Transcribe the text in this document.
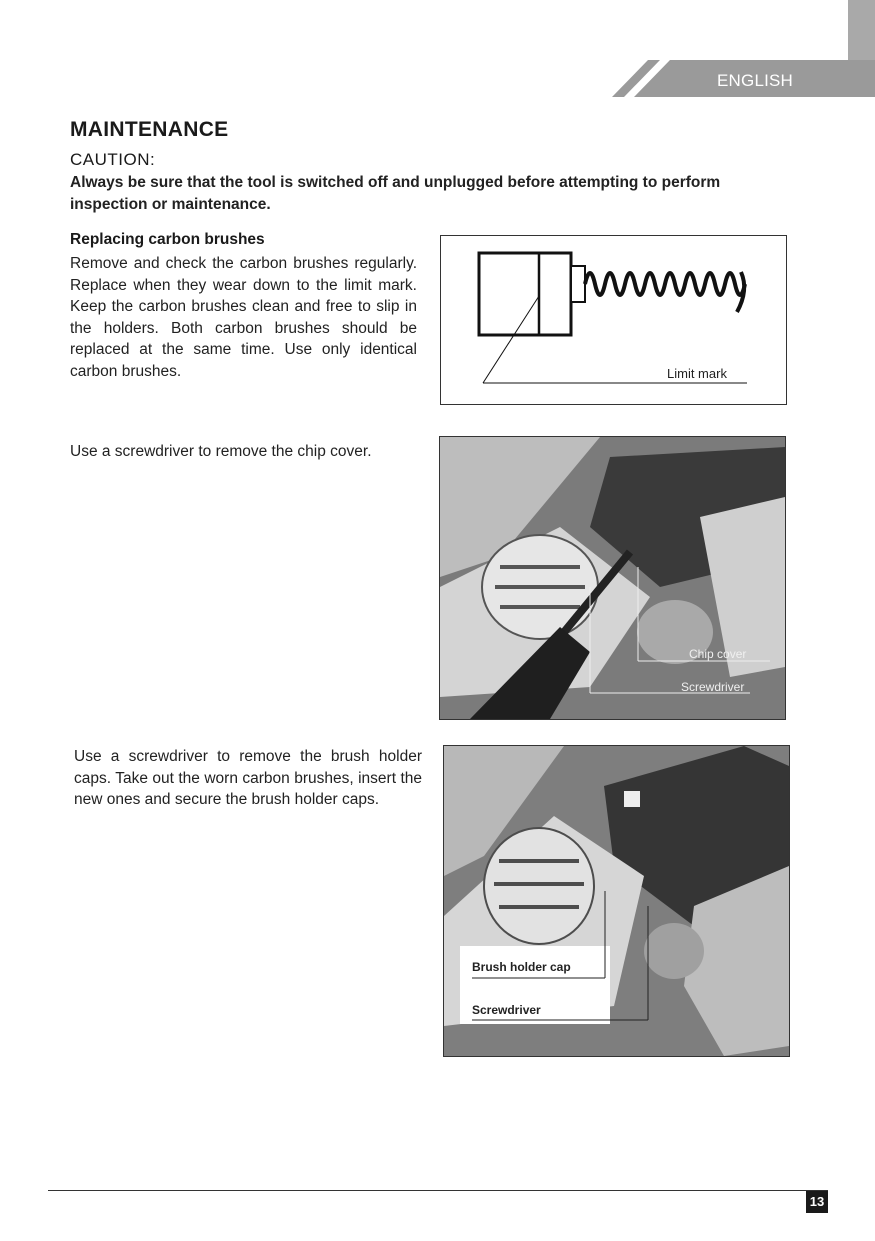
ENGLISH
MAINTENANCE
CAUTION:

Always be sure that the tool is switched off and unplugged before attempting to perform inspection or maintenance.

Replacing carbon brushes

Remove and check the carbon brushes regularly. Replace when they wear down to the limit mark. Keep the carbon brushes clean and free to slip in the holders. Both carbon brushes should be replaced at the same time. Use only identical carbon brushes.	Limit mark

Use a screwdriver to remove the chip cover.

Chip cover
Screwdriver

Use a screwdriver to remove the brush holder caps. Take out the worn carbon brushes, insert the new ones and secure the brush holder caps.

Brush holder cap
Screwdriver
13
